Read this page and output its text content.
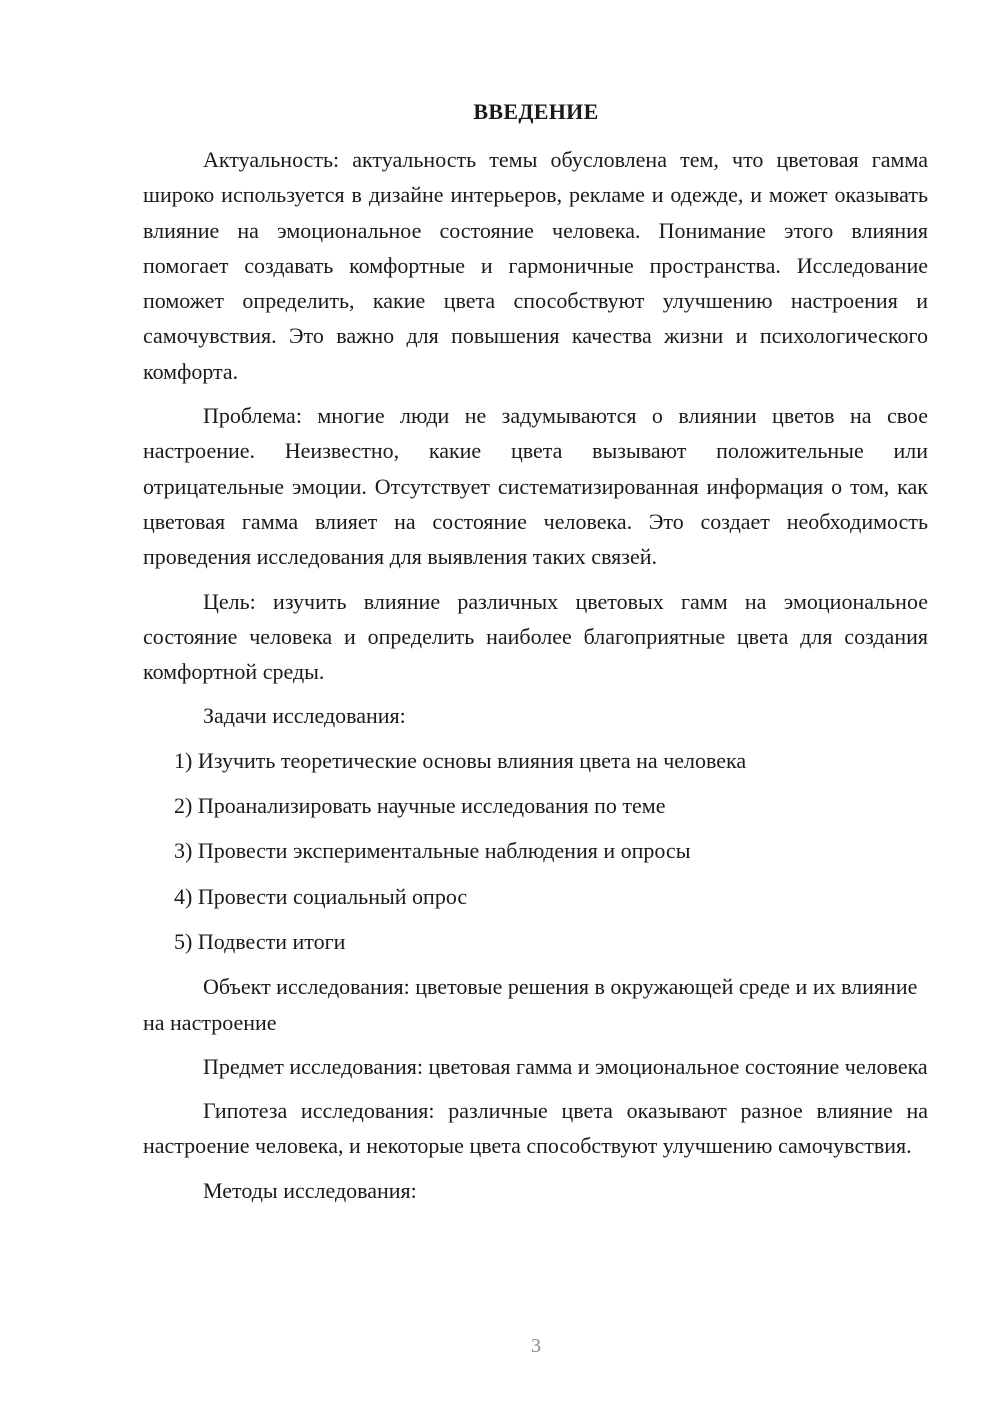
ВВЕДЕНИЕ

Актуальность: актуальность темы обусловлена тем, что цветовая гамма широко используется в дизайне интерьеров, рекламе и одежде, и может оказывать влияние на эмоциональное состояние человека. Понимание этого влияния помогает создавать комфортные и гармоничные пространства. Исследование поможет определить, какие цвета способствуют улучшению настроения и самочувствия. Это важно для повышения качества жизни и психологического комфорта.

Проблема: многие люди не задумываются о влиянии цветов на свое настроение. Неизвестно, какие цвета вызывают положительные или отрицательные эмоции. Отсутствует систематизированная информация о том, как цветовая гамма влияет на состояние человека. Это создает необходимость проведения исследования для выявления таких связей.

Цель: изучить влияние различных цветовых гамм на эмоциональное состояние человека и определить наиболее благоприятные цвета для создания комфортной среды.

Задачи исследования:

1) Изучить теоретические основы влияния цвета на человека
2) Проанализировать научные исследования по теме
3) Провести экспериментальные наблюдения и опросы
4) Провести социальный опрос
5) Подвести итоги

Объект исследования: цветовые решения в окружающей среде и их влияние на настроение

Предмет исследования: цветовая гамма и эмоциональное состояние человека

Гипотеза исследования: различные цвета оказывают разное влияние на настроение человека, и некоторые цвета способствуют улучшению самочувствия.

Методы исследования:

3
